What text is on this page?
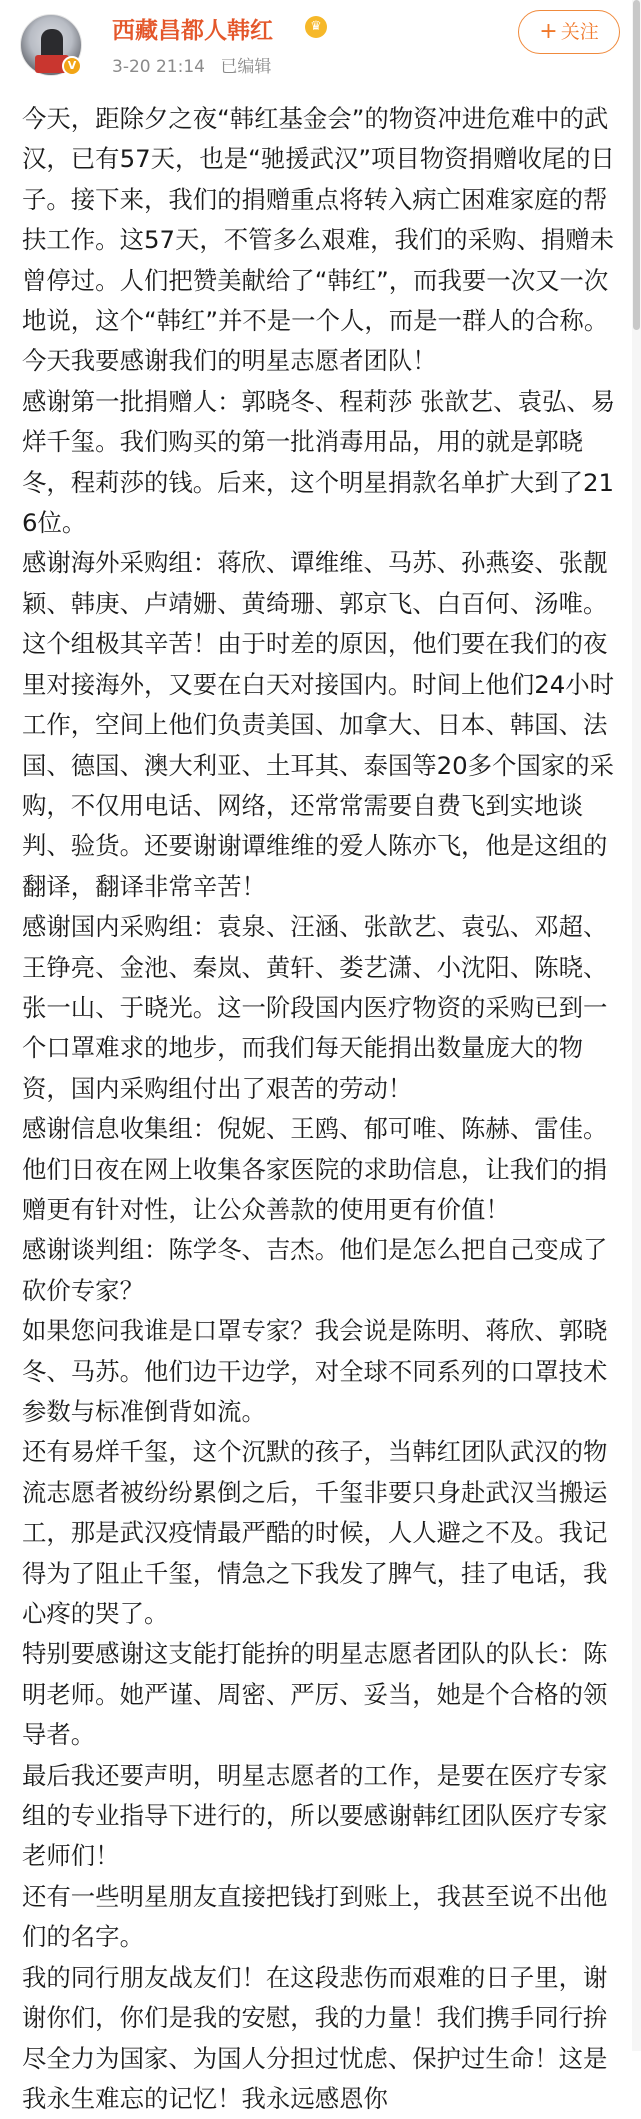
V
西藏昌都人韩红	♛
3-20 21:14 已编辑
+ 关注

今天，距除夕之夜“韩红基金会”的物资冲进危难中的武汉，已有57天，也是“驰援武汉”项目物资捐赠收尾的日子。接下来，我们的捐赠重点将转入病亡困难家庭的帮扶工作。这57天，不管多么艰难，我们的采购、捐赠未曾停过。人们把赞美献给了“韩红”，而我要一次又一次地说，这个“韩红”并不是一个人，而是一群人的合称。今天我要感谢我们的明星志愿者团队！

感谢第一批捐赠人：郭晓冬、程莉莎 张歆艺、袁弘、易烊千玺。我们购买的第一批消毒用品，用的就是郭晓冬，程莉莎的钱。后来，这个明星捐款名单扩大到了216位。

感谢海外采购组：蒋欣、谭维维、马苏、孙燕姿、张靓颖、韩庚、卢靖姗、黄绮珊、郭京飞、白百何、汤唯。这个组极其辛苦！由于时差的原因，他们要在我们的夜里对接海外，又要在白天对接国内。时间上他们24小时工作，空间上他们负责美国、加拿大、日本、韩国、法国、德国、澳大利亚、土耳其、泰国等20多个国家的采购，不仅用电话、网络，还常常需要自费飞到实地谈判、验货。还要谢谢谭维维的爱人陈亦飞，他是这组的翻译，翻译非常辛苦！

感谢国内采购组：袁泉、汪涵、张歆艺、袁弘、邓超、王铮亮、金池、秦岚、黄轩、娄艺潇、小沈阳、陈晓、张一山、于晓光。这一阶段国内医疗物资的采购已到一个口罩难求的地步，而我们每天能捐出数量庞大的物资，国内采购组付出了艰苦的劳动！

感谢信息收集组：倪妮、王鸥、郁可唯、陈赫、雷佳。他们日夜在网上收集各家医院的求助信息，让我们的捐赠更有针对性，让公众善款的使用更有价值！

感谢谈判组：陈学冬、吉杰。他们是怎么把自己变成了砍价专家？

如果您问我谁是口罩专家？我会说是陈明、蒋欣、郭晓冬、马苏。他们边干边学，对全球不同系列的口罩技术参数与标准倒背如流。

还有易烊千玺，这个沉默的孩子，当韩红团队武汉的物流志愿者被纷纷累倒之后，千玺非要只身赴武汉当搬运工，那是武汉疫情最严酷的时候，人人避之不及。我记得为了阻止千玺，情急之下我发了脾气，挂了电话，我心疼的哭了。

特别要感谢这支能打能拚的明星志愿者团队的队长：陈明老师。她严谨、周密、严厉、妥当，她是个合格的领导者。

最后我还要声明，明星志愿者的工作，是要在医疗专家组的专业指导下进行的，所以要感谢韩红团队医疗专家老师们！

还有一些明星朋友直接把钱打到账上，我甚至说不出他们的名字。

我的同行朋友战友们！在这段悲伤而艰难的日子里，谢谢你们，你们是我的安慰，我的力量！我们携手同行拚尽全力为国家、为国人分担过忧虑、保护过生命！这是我永生难忘的记忆！我永远感恩你
